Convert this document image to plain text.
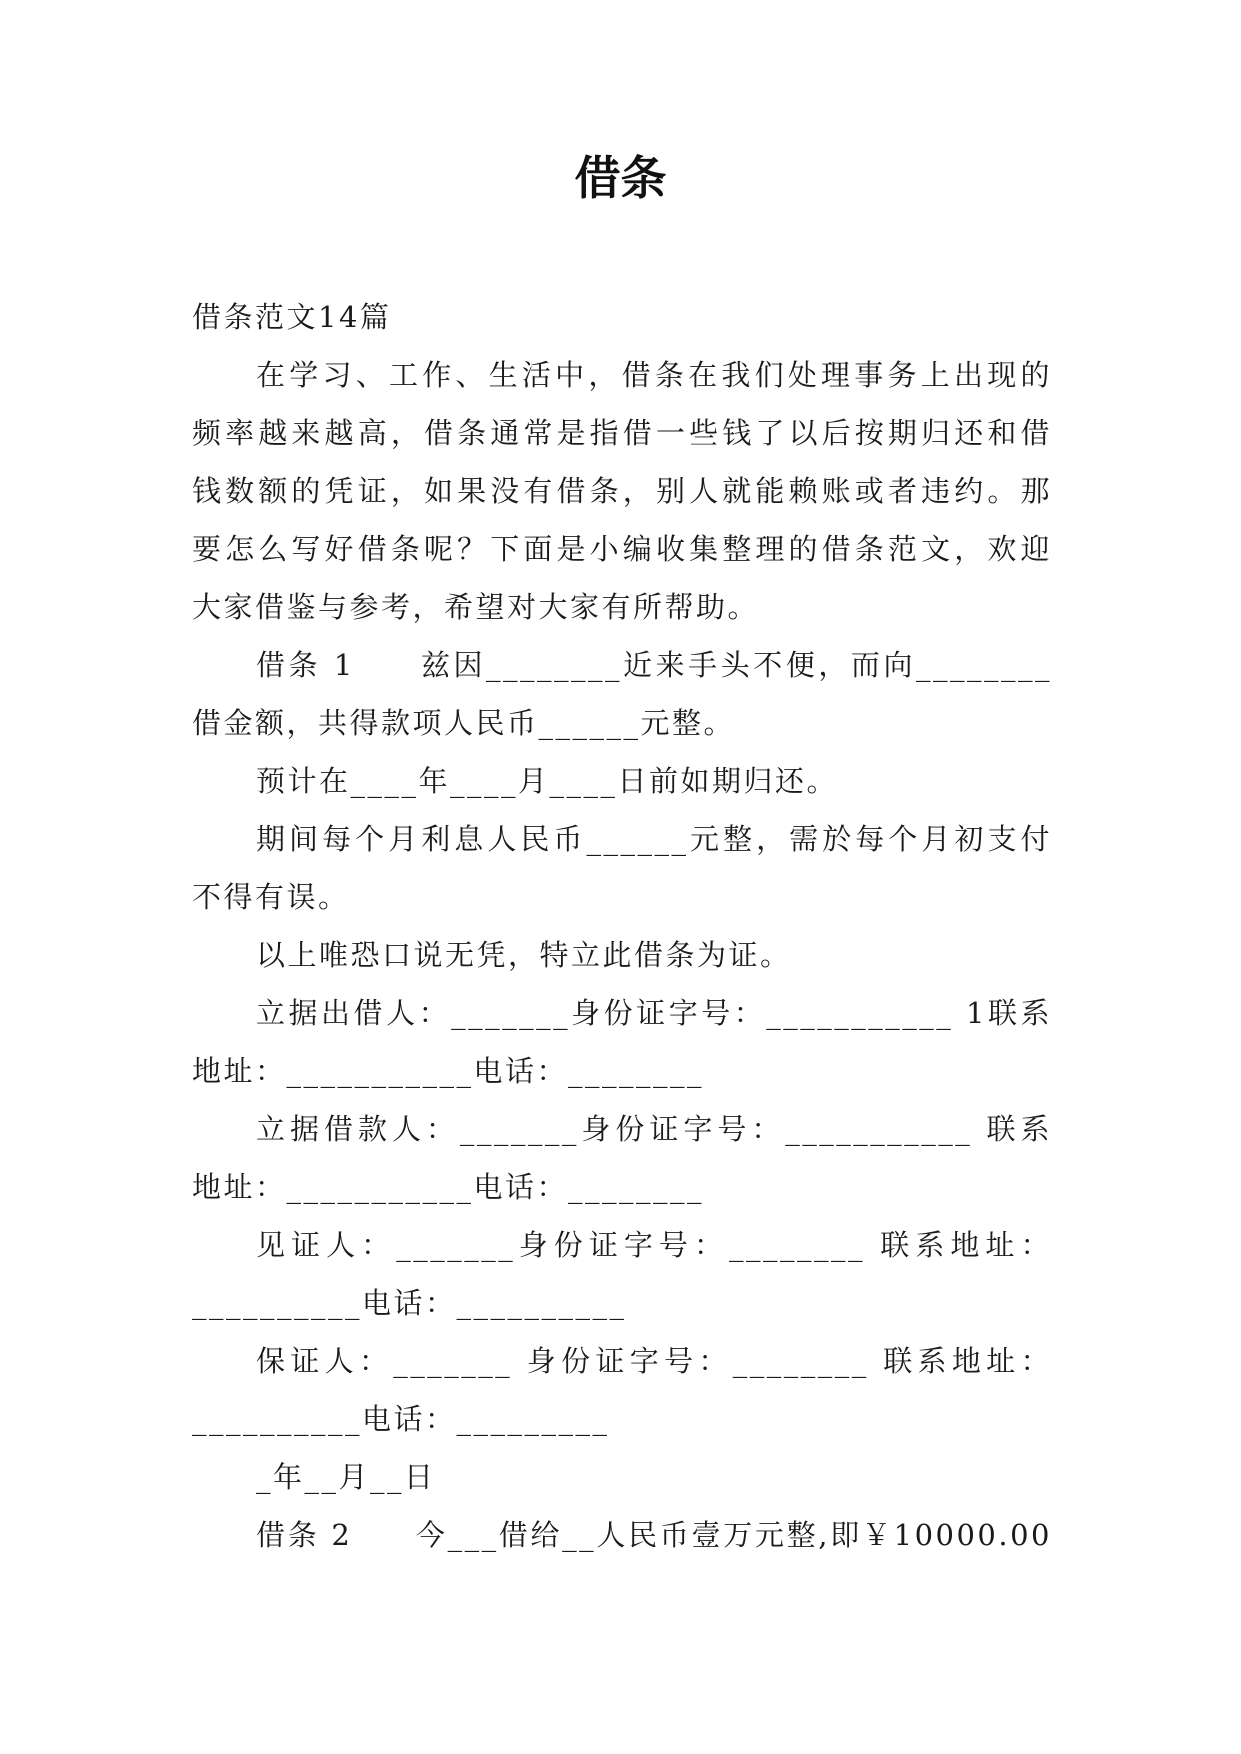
借条
借条范文14篇
在学习、工作、生活中，借条在我们处理事务上出现的
频率越来越高，借条通常是指借一些钱了以后按期归还和借
钱数额的凭证，如果没有借条，别人就能赖账或者违约。那
要怎么写好借条呢？下面是小编收集整理的借条范文，欢迎
大家借鉴与参考，希望对大家有所帮助。
借条 1　　兹因________近来手头不便，而向________
借金额，共得款项人民币______元整。
预计在____年____月____日前如期归还。
期间每个月利息人民币______元整，需於每个月初支付
不得有误。
以上唯恐口说无凭，特立此借条为证。
立据出借人：_______身份证字号：___________ 1联系
地址：___________电话：________
立据借款人：_______身份证字号：___________ 联系
地址：___________电话：________
见证人：_______身份证字号：________ 联系地址：
__________电话：__________
保证人：_______ 身份证字号：________ 联系地址：
__________电话：_________
_年__月__日
借条 2　　今___借给__人民币壹万元整,即￥10000.00
